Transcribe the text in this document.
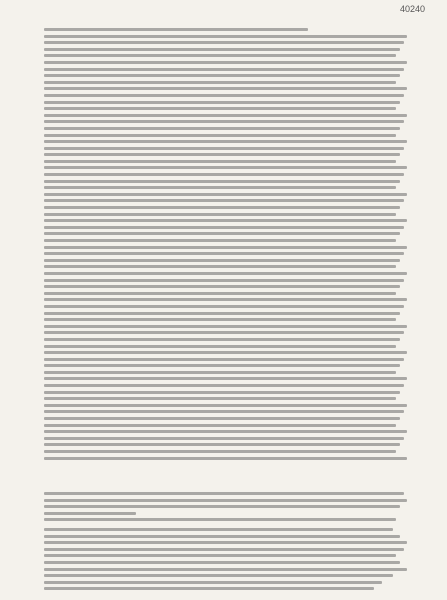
40240
